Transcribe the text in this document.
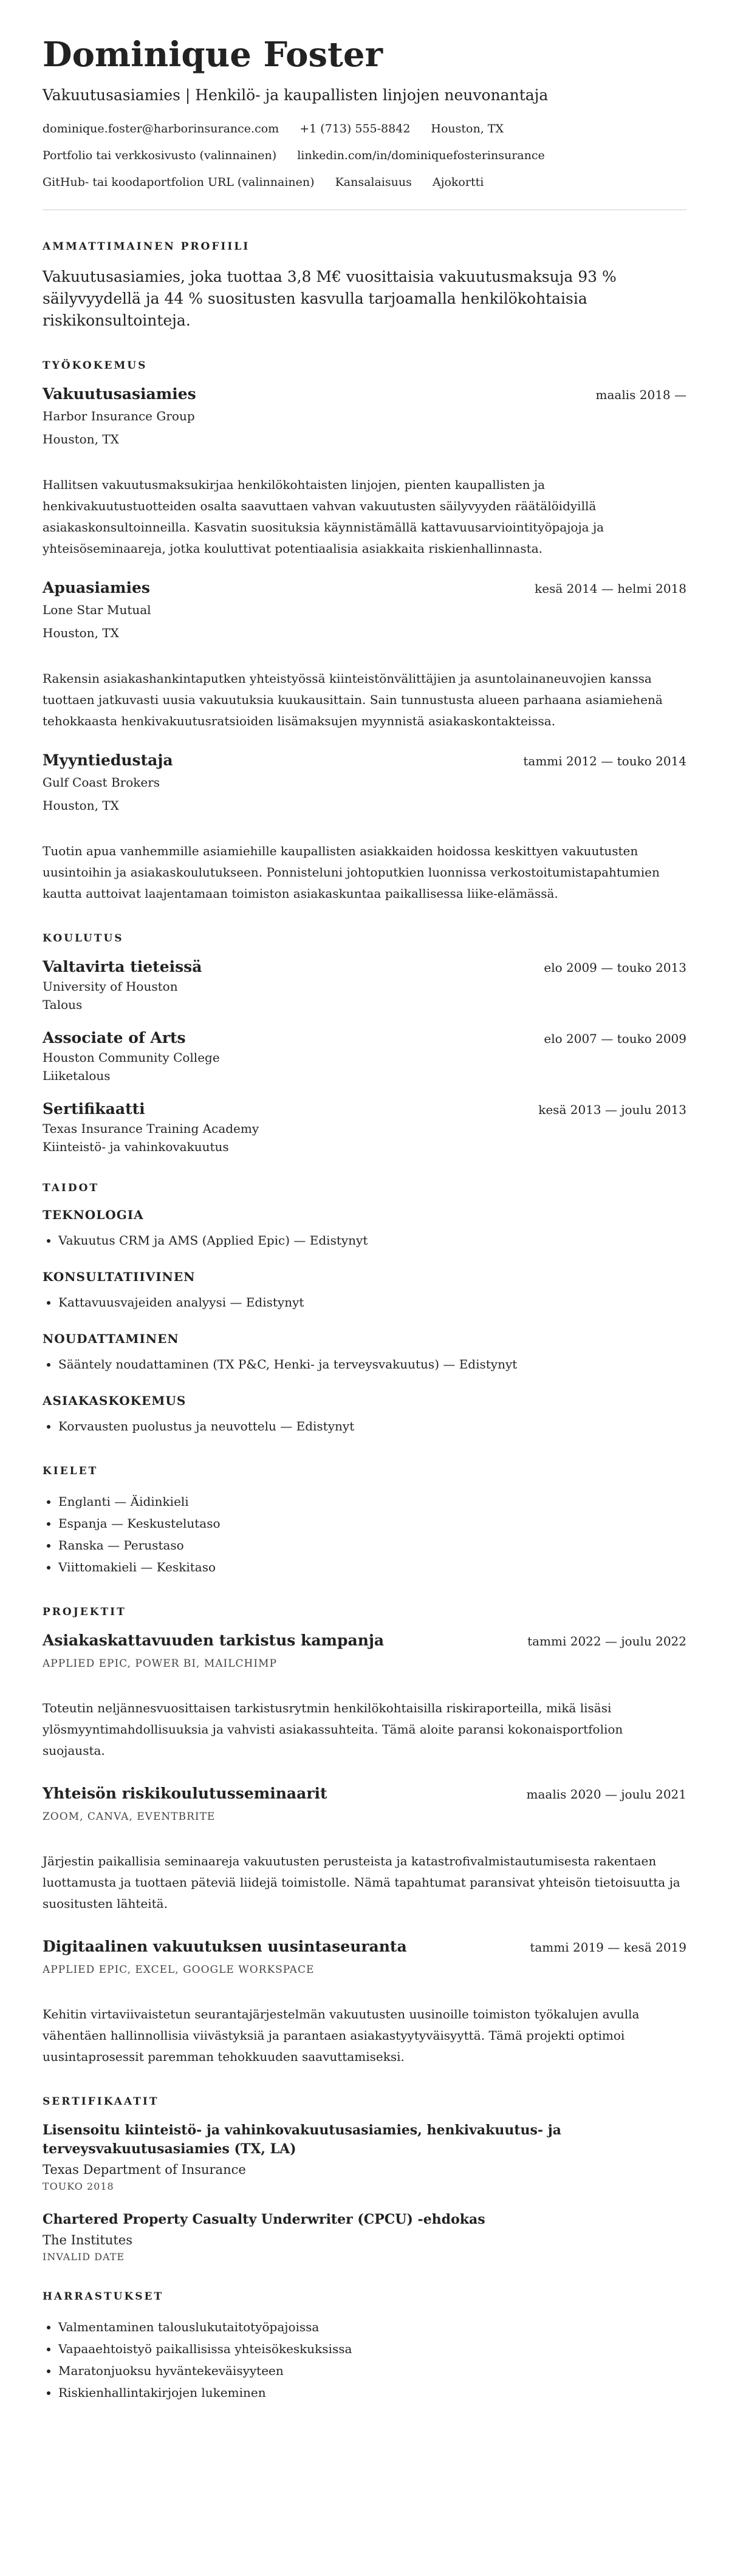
Dominique Foster
Vakuutusasiamies | Henkilö- ja kaupallisten linjojen neuvonantaja
dominique.foster@harborinsurance.com +1 (713) 555-8842 Houston, TX
Portfolio tai verkkosivusto (valinnainen) linkedin.com/in/dominiquefosterinsurance
GitHub- tai koodaportfolion URL (valinnainen) Kansalaisuus Ajokortti
AMMATTIMAINEN PROFIILI
Vakuutusasiamies, joka tuottaa 3,8 M€ vuosittaisia vakuutusmaksuja 93 % säilyvyydellä ja 44 % suositusten kasvulla tarjoamalla henkilökohtaisia riskikonsultointeja.
TYÖKOKEMUS
Vakuutusasiamies	maalis 2018 —
Harbor Insurance Group
Houston, TX
Hallitsen vakuutusmaksukirjaa henkilökohtaisten linjojen, pienten kaupallisten ja henkivakuutustuotteiden osalta saavuttaen vahvan vakuutusten säilyvyyden räätälöidyillä asiakaskonsultoinneilla. Kasvatin suosituksia käynnistämällä kattavuusarviointityöpajoja ja yhteisöseminaareja, jotka kouluttivat potentiaalisia asiakkaita riskienhallinnasta.
Apuasiamies	kesä 2014 — helmi 2018
Lone Star Mutual
Houston, TX
Rakensin asiakashankintaputken yhteistyössä kiinteistönvälittäjien ja asuntolainaneuvojien kanssa tuottaen jatkuvasti uusia vakuutuksia kuukausittain. Sain tunnustusta alueen parhaana asiamiehenä tehokkaasta henkivakuutusratsioiden lisämaksujen myynnistä asiakaskontakteissa.
Myyntiedustaja	tammi 2012 — touko 2014
Gulf Coast Brokers
Houston, TX
Tuotin apua vanhemmille asiamiehille kaupallisten asiakkaiden hoidossa keskittyen vakuutusten uusintoihin ja asiakaskoulutukseen. Ponnisteluni johtoputkien luonnissa verkostoitumistapahtumien kautta auttoivat laajentamaan toimiston asiakaskuntaa paikallisessa liike-elämässä.
KOULUTUS
Valtavirta tieteissä	elo 2009 — touko 2013
University of Houston
Talous
Associate of Arts	elo 2007 — touko 2009
Houston Community College
Liiketalous
Sertifikaatti	kesä 2013 — joulu 2013
Texas Insurance Training Academy
Kiinteistö- ja vahinkovakuutus
TAIDOT
TEKNOLOGIA
• Vakuutus CRM ja AMS (Applied Epic) — Edistynyt
KONSULTATIIVINEN
• Kattavuusvajeiden analyysi — Edistynyt
NOUDATTAMINEN
• Sääntely noudattaminen (TX P&C, Henki- ja terveysvakuutus) — Edistynyt
ASIAKASKOKEMUS
• Korvausten puolustus ja neuvottelu — Edistynyt
KIELET
• Englanti — Äidinkieli
• Espanja — Keskustelutaso
• Ranska — Perustaso
• Viittomakieli — Keskitaso
PROJEKTIT
Asiakaskattavuuden tarkistus kampanja	tammi 2022 — joulu 2022
APPLIED EPIC, POWER BI, MAILCHIMP
Toteutin neljännesvuosittaisen tarkistusrytmin henkilökohtaisilla riskiraporteilla, mikä lisäsi ylösmyyntimahdollisuuksia ja vahvisti asiakassuhteita. Tämä aloite paransi kokonaisportfolion suojausta.
Yhteisön riskikoulutusseminaarit	maalis 2020 — joulu 2021
ZOOM, CANVA, EVENTBRITE
Järjestin paikallisia seminaareja vakuutusten perusteista ja katastrofivalmistautumisesta rakentaen luottamusta ja tuottaen päteviä liidejä toimistolle. Nämä tapahtumat paransivat yhteisön tietoisuutta ja suositusten lähteitä.
Digitaalinen vakuutuksen uusintaseuranta	tammi 2019 — kesä 2019
APPLIED EPIC, EXCEL, GOOGLE WORKSPACE
Kehitin virtaviivaistetun seurantajärjestelmän vakuutusten uusinoille toimiston työkalujen avulla vähentäen hallinnollisia viivästyksiä ja parantaen asiakastyytyväisyyttä. Tämä projekti optimoi uusintaprosessit paremman tehokkuuden saavuttamiseksi.
SERTIFIKAATIT
Lisensoitu kiinteistö- ja vahinkovakuutusasiamies, henkivakuutus- ja terveysvakuutusasiamies (TX, LA)
Texas Department of Insurance
TOUKO 2018
Chartered Property Casualty Underwriter (CPCU) -ehdokas
The Institutes
INVALID DATE
HARRASTUKSET
• Valmentaminen talouslukutaitotyöpajoissa
• Vapaaehtoistyö paikallisissa yhteisökeskuksissa
• Maratonjuoksu hyväntekeväisyyteen
• Riskienhallintakirjojen lukeminen
